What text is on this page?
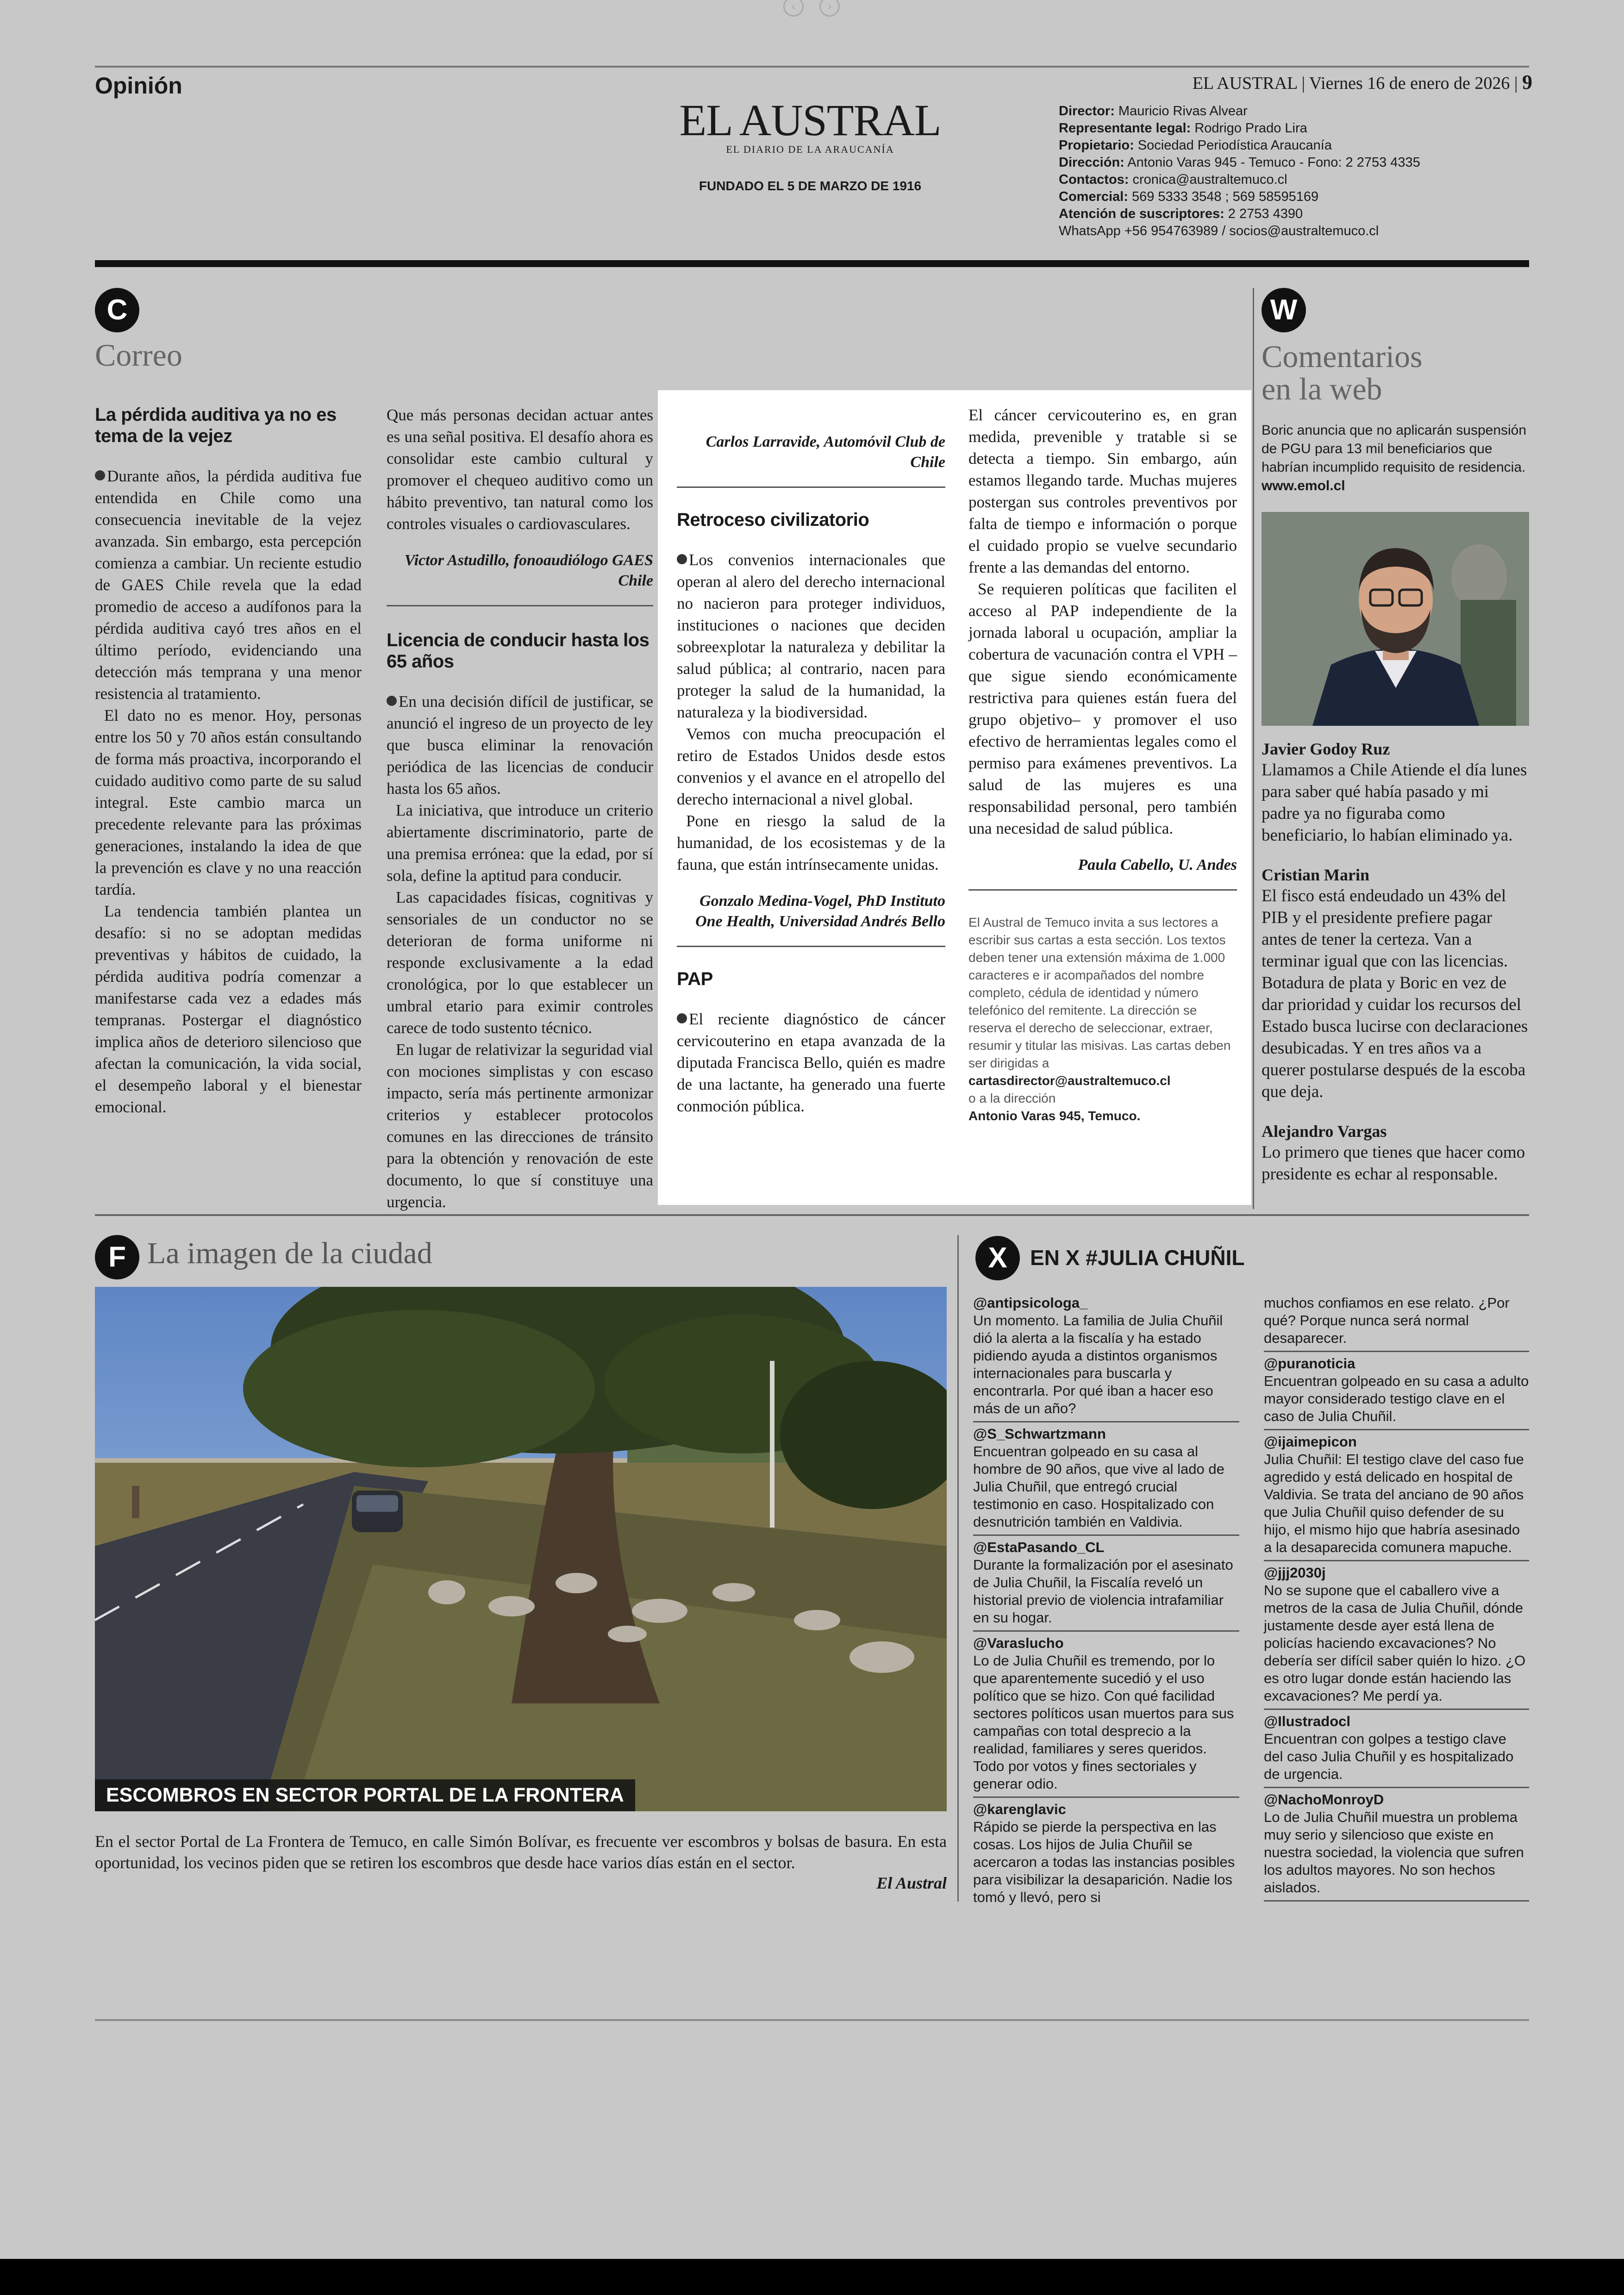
‹	›
Opinión	EL AUSTRAL | Viernes 16 de enero de 2026 | 9
EL AUSTRAL
EL DIARIO DE LA ARAUCANÍA
FUNDADO EL 5 DE MARZO DE 1916
Director: Mauricio Rivas Alvear
Representante legal: Rodrigo Prado Lira
Propietario: Sociedad Periodística Araucanía
Dirección: Antonio Varas 945 - Temuco - Fono: 2 2753 4335
Contactos: cronica@australtemuco.cl
Comercial: 569 5333 3548 ; 569 58595169
Atención de suscriptores: 2 2753 4390
WhatsApp +56 954763989 / socios@australtemuco.cl
C
Correo
La pérdida auditiva ya no es tema de la vejez

Durante años, la pérdida auditiva fue entendida en Chile como una consecuencia inevitable de la vejez avanzada. Sin embargo, esta percepción comienza a cambiar. Un reciente estudio de GAES Chile revela que la edad promedio de acceso a audífonos para la pérdida auditiva cayó tres años en el último período, evidenciando una detección más temprana y una menor resistencia al tratamiento.

El dato no es menor. Hoy, personas entre los 50 y 70 años están consultando de forma más proactiva, incorporando el cuidado auditivo como parte de su salud integral. Este cambio marca un precedente relevante para las próximas generaciones, instalando la idea de que la prevención es clave y no una reacción tardía.

La tendencia también plantea un desafío: si no se adoptan medidas preventivas y hábitos de cuidado, la pérdida auditiva podría comenzar a manifestarse cada vez a edades más tempranas. Postergar el diagnóstico implica años de deterioro silencioso que afectan la comunicación, la vida social, el desempeño laboral y el bienestar emocional.

Que más personas decidan actuar antes es una señal positiva. El desafío ahora es consolidar este cambio cultural y promover el chequeo auditivo como un hábito preventivo, tan natural como los controles visuales o cardiovasculares.

Victor Astudillo, fonoaudiólogo GAES Chile
Licencia de conducir hasta los 65 años

En una decisión difícil de justificar, se anunció el ingreso de un proyecto de ley que busca eliminar la renovación periódica de las licencias de conducir hasta los 65 años.

La iniciativa, que introduce un criterio abiertamente discriminatorio, parte de una premisa errónea: que la edad, por sí sola, define la aptitud para conducir.

Las capacidades físicas, cognitivas y sensoriales de un conductor no se deterioran de forma uniforme ni responde exclusivamente a la edad cronológica, por lo que establecer un umbral etario para eximir controles carece de todo sustento técnico.

En lugar de relativizar la seguridad vial con mociones simplistas y con escaso impacto, sería más pertinente armonizar criterios y establecer protocolos comunes en las direcciones de tránsito para la obtención y renovación de este documento, lo que sí constituye una urgencia.

Carlos Larravide, Automóvil Club de Chile
Retroceso civilizatorio

Los convenios internacionales que operan al alero del derecho internacional no nacieron para proteger individuos, instituciones o naciones que deciden sobreexplotar la naturaleza y debilitar la salud pública; al contrario, nacen para proteger la salud de la humanidad, la naturaleza y la biodiversidad.

Vemos con mucha preocupación el retiro de Estados Unidos desde estos convenios y el avance en el atropello del derecho internacional a nivel global.

Pone en riesgo la salud de la humanidad, de los ecosistemas y de la fauna, que están intrínsecamente unidas.

Gonzalo Medina-Vogel, PhD Instituto One Health, Universidad Andrés Bello
PAP

El reciente diagnóstico de cáncer cervicouterino en etapa avanzada de la diputada Francisca Bello, quién es madre de una lactante, ha generado una fuerte conmoción pública.

El cáncer cervicouterino es, en gran medida, prevenible y tratable si se detecta a tiempo. Sin embargo, aún estamos llegando tarde. Muchas mujeres postergan sus controles preventivos por falta de tiempo e información o porque el cuidado propio se vuelve secundario frente a las demandas del entorno.

Se requieren políticas que faciliten el acceso al PAP independiente de la jornada laboral u ocupación, ampliar la cobertura de vacunación contra el VPH –que sigue siendo económicamente restrictiva para quienes están fuera del grupo objetivo– y promover el uso efectivo de herramientas legales como el permiso para exámenes preventivos. La salud de las mujeres es una responsabilidad personal, pero también una necesidad de salud pública.

Paula Cabello, U. Andes
El Austral de Temuco invita a sus lectores a escribir sus cartas a esta sección. Los textos deben tener una extensión máxima de 1.000 caracteres e ir acompañados del nombre completo, cédula de identidad y número telefónico del remitente. La dirección se reserva el derecho de seleccionar, extraer, resumir y titular las misivas. Las cartas deben ser dirigidas a
cartasdirector@australtemuco.cl
o a la dirección
Antonio Varas 945, Temuco.
W
Comentarios
en la web
Boric anuncia que no aplicarán suspensión de PGU para 13 mil beneficiarios que habrían incumplido requisito de residencia. www.emol.cl
Javier Godoy Ruz
Llamamos a Chile Atiende el día lunes para saber qué había pasado y mi padre ya no figuraba como beneficiario, lo habían eliminado ya.
Cristian Marin
El fisco está endeudado un 43% del PIB y el presidente prefiere pagar antes de tener la certeza. Van a terminar igual que con las licencias. Botadura de plata y Boric en vez de dar prioridad y cuidar los recursos del Estado busca lucirse con declaraciones desubicadas. Y en tres años va a querer postularse después de la escoba que deja.
Alejandro Vargas
Lo primero que tienes que hacer como presidente es echar al responsable.
F La imagen de la ciudad
ESCOMBROS EN SECTOR PORTAL DE LA FRONTERA
En el sector Portal de La Frontera de Temuco, en calle Simón Bolívar, es frecuente ver escombros y bolsas de basura. En esta oportunidad, los vecinos piden que se retiren los escombros que desde hace varios días están en el sector.
El Austral
X	EN X #JULIA CHUÑIL
@antipsicologa_
Un momento. La familia de Julia Chuñil dió la alerta a la fiscalía y ha estado pidiendo ayuda a distintos organismos internacionales para buscarla y encontrarla. Por qué iban a hacer eso más de un año?
@S_Schwartzmann
Encuentran golpeado en su casa al hombre de 90 años, que vive al lado de Julia Chuñil, que entregó crucial testimonio en caso. Hospitalizado con desnutrición también en Valdivia.
@EstaPasando_CL
Durante la formalización por el asesinato de Julia Chuñil, la Fiscalía reveló un historial previo de violencia intrafamiliar en su hogar.
@Varaslucho
Lo de Julia Chuñil es tremendo, por lo que aparentemente sucedió y el uso político que se hizo. Con qué facilidad sectores políticos usan muertos para sus campañas con total desprecio a la realidad, familiares y seres queridos. Todo por votos y fines sectoriales y generar odio.
@karenglavic
Rápido se pierde la perspectiva en las cosas. Los hijos de Julia Chuñil se acercaron a todas las instancias posibles para visibilizar la desaparición. Nadie los tomó y llevó, pero si
muchos confiamos en ese relato. ¿Por qué? Porque nunca será normal desaparecer.
@puranoticia
Encuentran golpeado en su casa a adulto mayor considerado testigo clave en el caso de Julia Chuñil.
@ijaimepicon
Julia Chuñil: El testigo clave del caso fue agredido y está delicado en hospital de Valdivia. Se trata del anciano de 90 años que Julia Chuñil quiso defender de su hijo, el mismo hijo que habría asesinado a la desaparecida comunera mapuche.
@jjj2030j
No se supone que el caballero vive a metros de la casa de Julia Chuñil, dónde justamente desde ayer está llena de policías haciendo excavaciones? No debería ser difícil saber quién lo hizo. ¿O es otro lugar donde están haciendo las excavaciones? Me perdí ya.
@Ilustradocl
Encuentran con golpes a testigo clave del caso Julia Chuñil y es hospitalizado de urgencia.
@NachoMonroyD
Lo de Julia Chuñil muestra un problema muy serio y silencioso que existe en nuestra sociedad, la violencia que sufren los adultos mayores. No son hechos aislados.
